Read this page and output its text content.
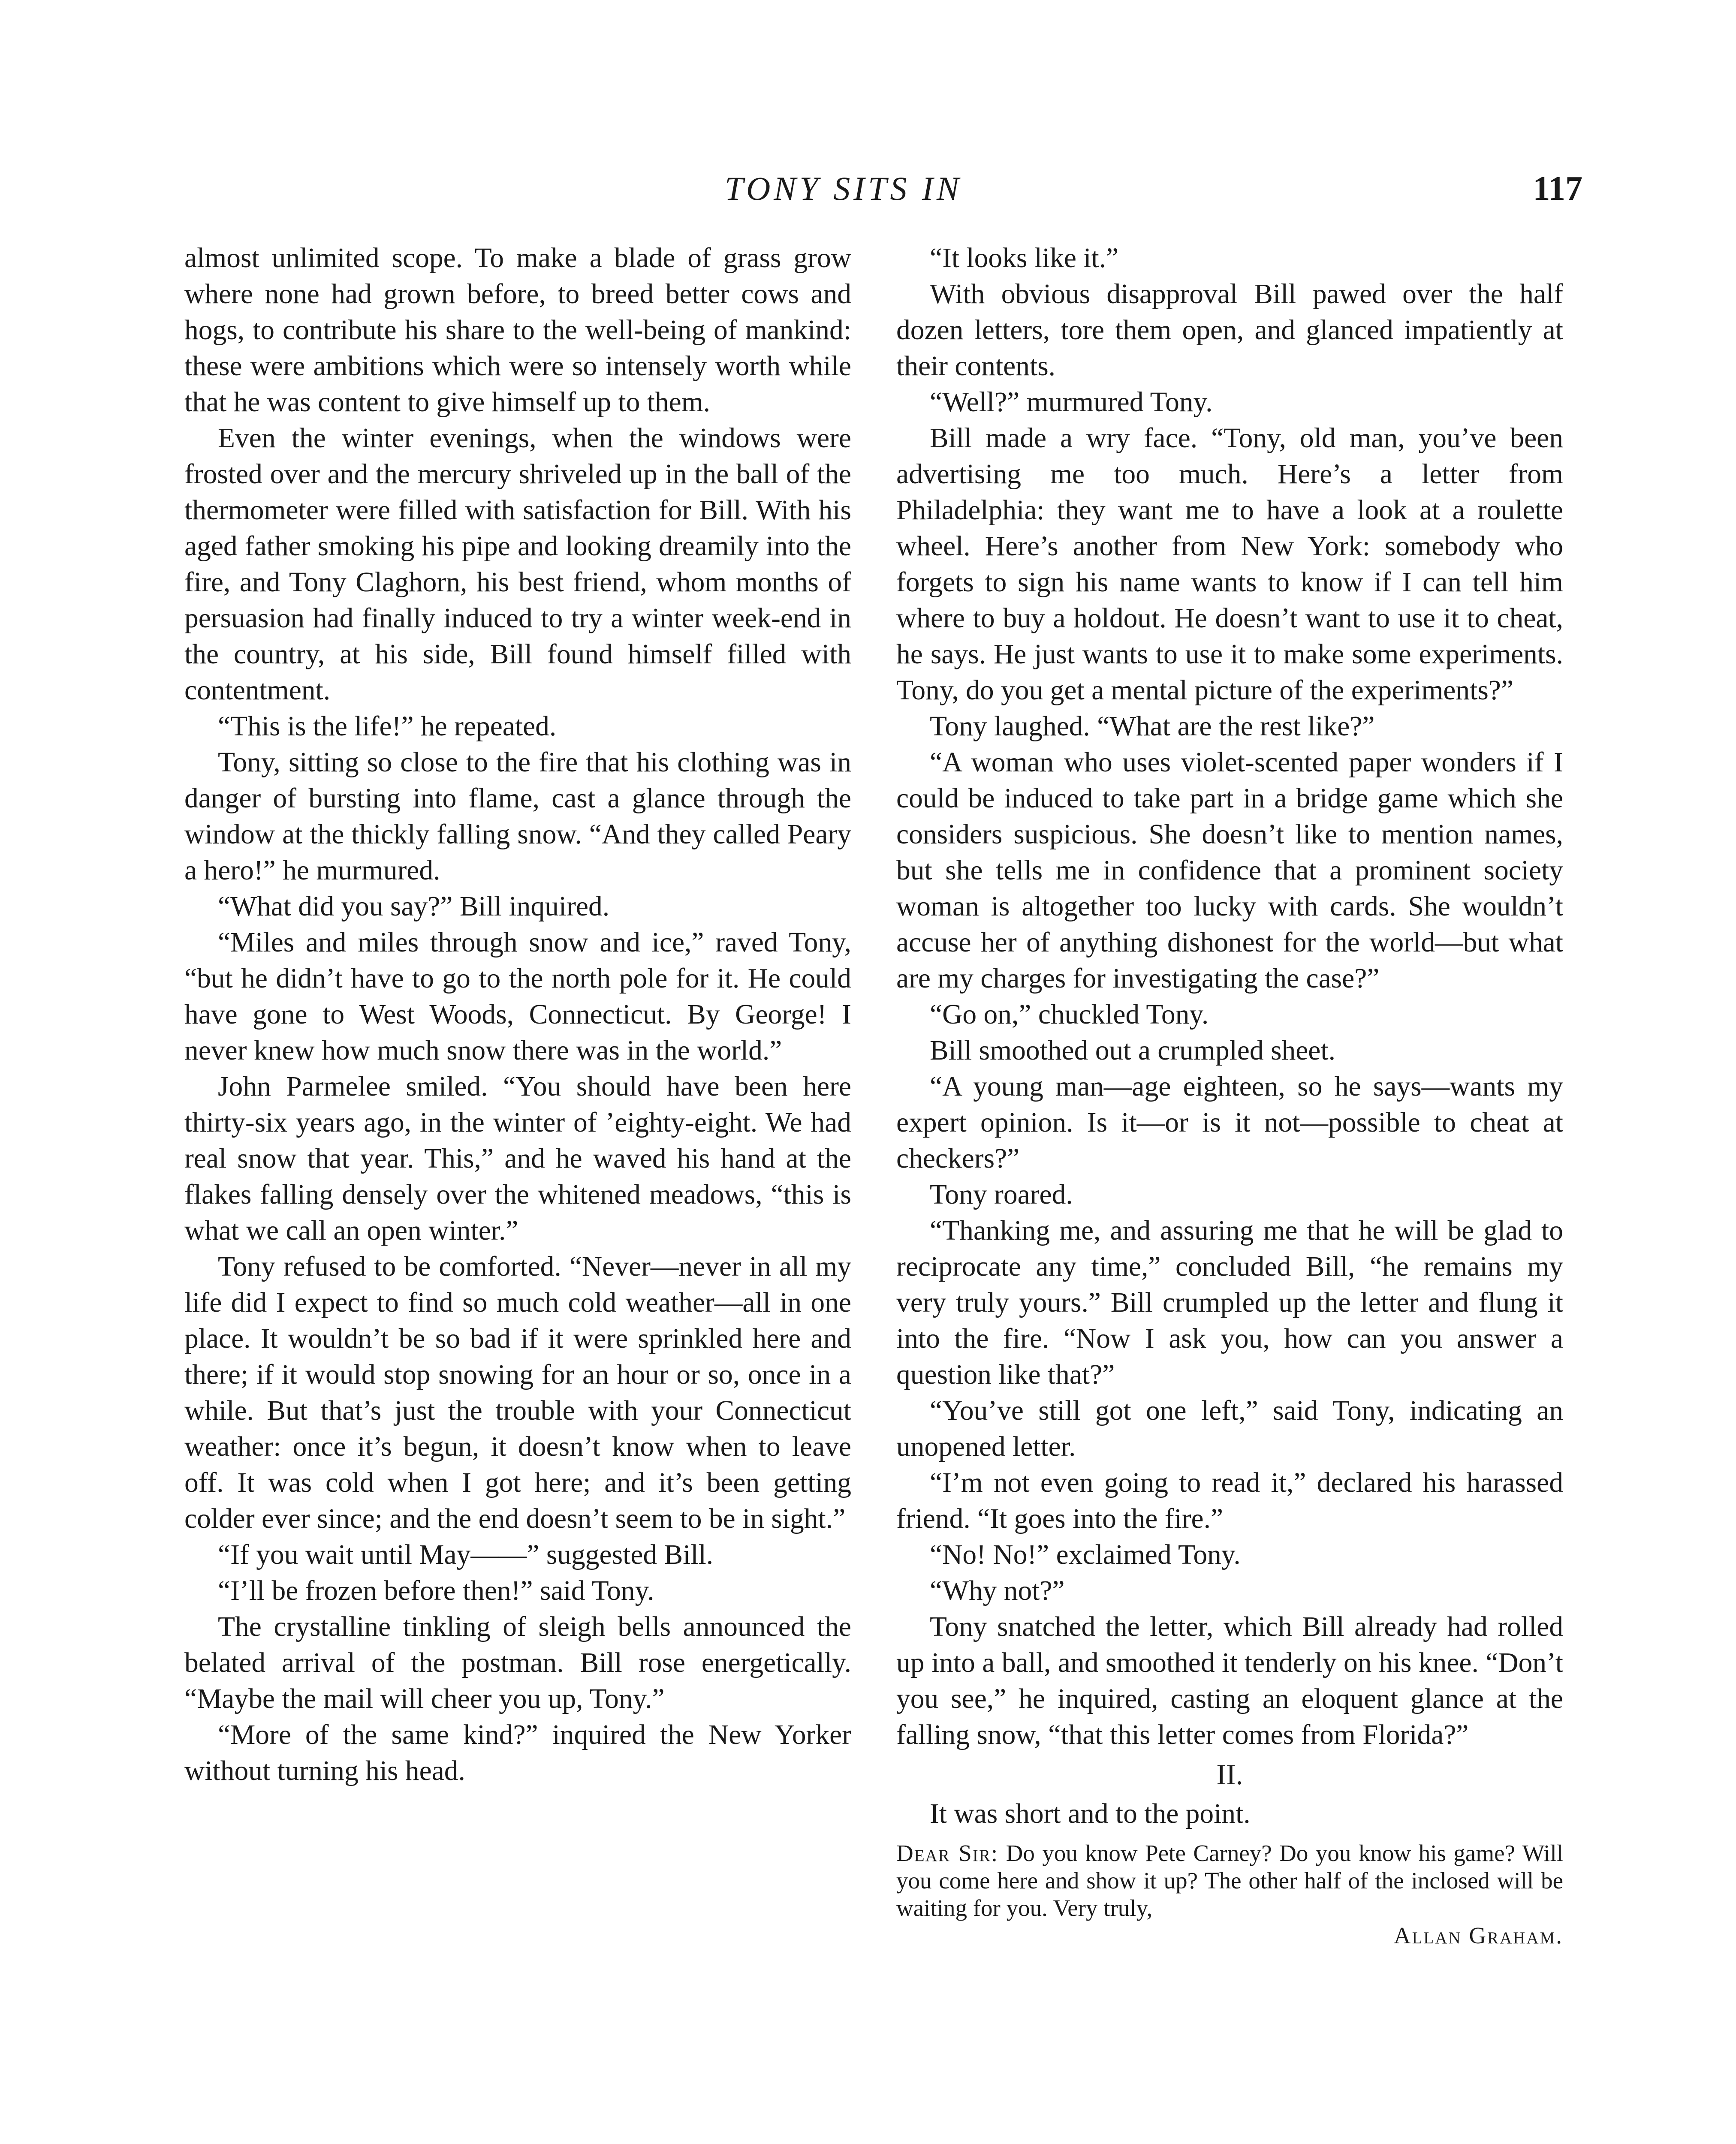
TONY SITS IN	117

almost unlimited scope. To make a blade of grass grow where none had grown before, to breed better cows and hogs, to contribute his share to the well-being of mankind: these were ambitions which were so intensely worth while that he was content to give himself up to them.

Even the winter evenings, when the windows were frosted over and the mercury shriveled up in the ball of the thermometer were filled with satisfaction for Bill. With his aged father smoking his pipe and looking dreamily into the fire, and Tony Claghorn, his best friend, whom months of persuasion had finally induced to try a winter week-end in the country, at his side, Bill found himself filled with contentment.

“This is the life!” he repeated.

Tony, sitting so close to the fire that his clothing was in danger of bursting into flame, cast a glance through the window at the thickly falling snow. “And they called Peary a hero!” he murmured.

“What did you say?” Bill inquired.

“Miles and miles through snow and ice,” raved Tony, “but he didn’t have to go to the north pole for it. He could have gone to West Woods, Connecticut. By George! I never knew how much snow there was in the world.”

John Parmelee smiled. “You should have been here thirty-six years ago, in the winter of ’eighty-eight. We had real snow that year. This,” and he waved his hand at the flakes falling densely over the whitened meadows, “this is what we call an open winter.”

Tony refused to be comforted. “Never—never in all my life did I expect to find so much cold weather—all in one place. It wouldn’t be so bad if it were sprinkled here and there; if it would stop snowing for an hour or so, once in a while. But that’s just the trouble with your Connecticut weather: once it’s begun, it doesn’t know when to leave off. It was cold when I got here; and it’s been getting colder ever since; and the end doesn’t seem to be in sight.”

“If you wait until May——” suggested Bill.

“I’ll be frozen before then!” said Tony.

The crystalline tinkling of sleigh bells announced the belated arrival of the postman. Bill rose energetically. “Maybe the mail will cheer you up, Tony.”

“More of the same kind?” inquired the New Yorker without turning his head.

“It looks like it.”

With obvious disapproval Bill pawed over the half dozen letters, tore them open, and glanced impatiently at their contents.

“Well?” murmured Tony.

Bill made a wry face. “Tony, old man, you’ve been advertising me too much. Here’s a letter from Philadelphia: they want me to have a look at a roulette wheel. Here’s another from New York: somebody who forgets to sign his name wants to know if I can tell him where to buy a holdout. He doesn’t want to use it to cheat, he says. He just wants to use it to make some experiments. Tony, do you get a mental picture of the experiments?”

Tony laughed. “What are the rest like?”

“A woman who uses violet-scented paper wonders if I could be induced to take part in a bridge game which she considers suspicious. She doesn’t like to mention names, but she tells me in confidence that a prominent society woman is altogether too lucky with cards. She wouldn’t accuse her of anything dishonest for the world—but what are my charges for investigating the case?”

“Go on,” chuckled Tony.

Bill smoothed out a crumpled sheet.

“A young man—age eighteen, so he says—wants my expert opinion. Is it—or is it not—possible to cheat at checkers?”

Tony roared.

“Thanking me, and assuring me that he will be glad to reciprocate any time,” concluded Bill, “he remains my very truly yours.” Bill crumpled up the letter and flung it into the fire. “Now I ask you, how can you answer a question like that?”

“You’ve still got one left,” said Tony, indicating an unopened letter.

“I’m not even going to read it,” declared his harassed friend. “It goes into the fire.”

“No! No!” exclaimed Tony.

“Why not?”

Tony snatched the letter, which Bill already had rolled up into a ball, and smoothed it tenderly on his knee. “Don’t you see,” he inquired, casting an eloquent glance at the falling snow, “that this letter comes from Florida?”

II.

It was short and to the point.

Dear Sir: Do you know Pete Carney? Do you know his game? Will you come here and show it up? The other half of the inclosed will be waiting for you. Very truly,

Allan Graham.
